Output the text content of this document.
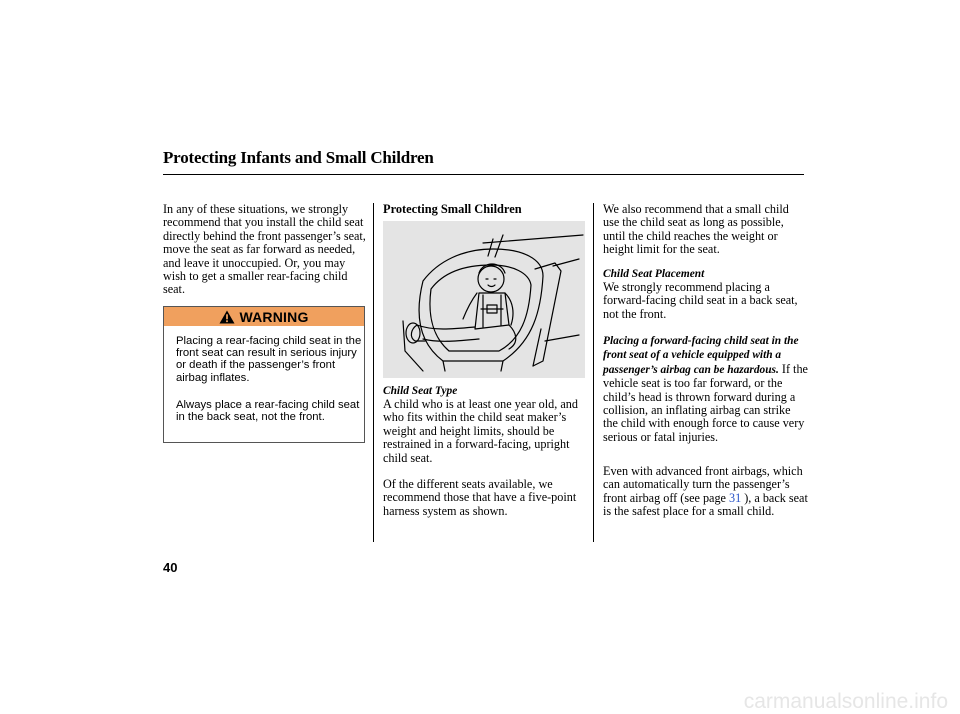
Protecting Infants and Small Children

In any of these situations, we strongly recommend that you install the child seat directly behind the front passenger’s seat, move the seat as far forward as needed, and leave it unoccupied. Or, you may wish to get a smaller rear-facing child seat.

WARNING

Placing a rear-facing child seat in the front seat can result in serious injury or death if the passenger’s front airbag inflates.

Always place a rear-facing child seat in the back seat, not the front.

Protecting Small Children
Child Seat Type

A child who is at least one year old, and who fits within the child seat maker’s weight and height limits, should be restrained in a forward-facing, upright child seat.

Of the different seats available, we recommend those that have a five-point harness system as shown.

We also recommend that a small child use the child seat as long as possible, until the child reaches the weight or height limit for the seat.

Child Seat Placement

We strongly recommend placing a forward-facing child seat in a back seat, not the front.

Placing a forward-facing child seat in the front seat of a vehicle equipped with a passenger’s airbag can be hazardous. If the vehicle seat is too far forward, or the child’s head is thrown forward during a collision, an inflating airbag can strike the child with enough force to cause very serious or fatal injuries.

Even with advanced front airbags, which can automatically turn the passenger’s front airbag off (see page 31 ), a back seat is the safest place for a small child.

40
carmanualsonline.info
